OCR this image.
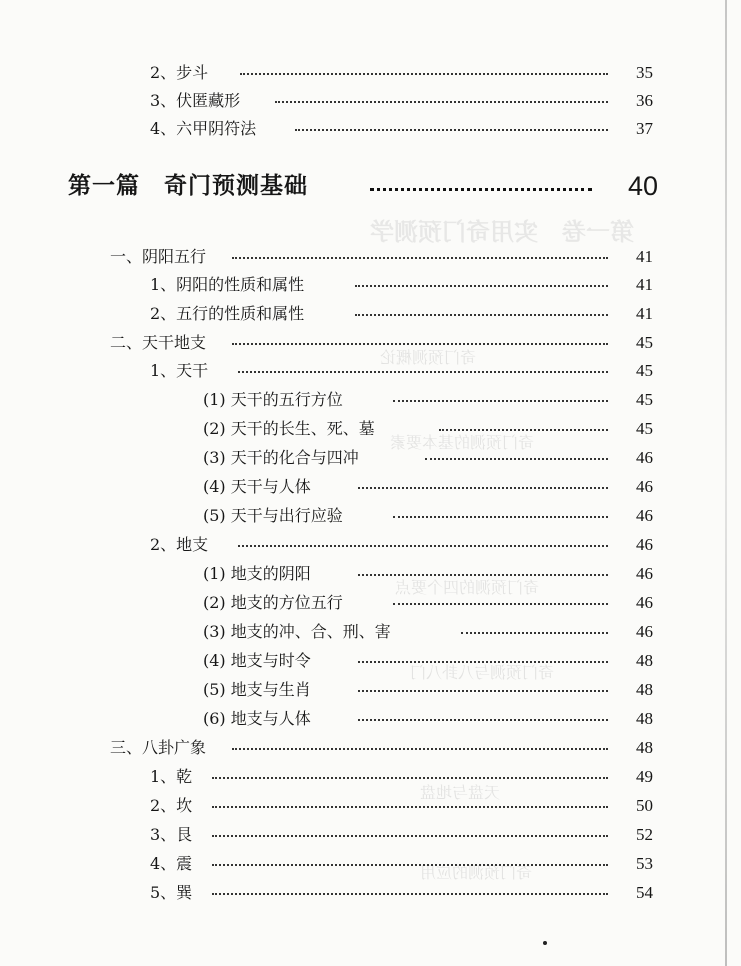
第一卷　实用奇门预测学
奇门预测概论
奇门预测的基本要素
奇门预测的四个要点
奇门预测与八卦八门
天盘与地盘
奇门预测的应用
2、步斗	35
3、伏匿藏形	36
4、六甲阴符法	37
第一篇　奇门预测基础	40
一、阴阳五行	41
1、阴阳的性质和属性	41
2、五行的性质和属性	41
二、天干地支	45
1、天干	45
(1) 天干的五行方位	45
(2) 天干的长生、死、墓	45
(3) 天干的化合与四冲	46
(4) 天干与人体	46
(5) 天干与出行应验	46
2、地支	46
(1) 地支的阴阳	46
(2) 地支的方位五行	46
(3) 地支的冲、合、刑、害	46
(4) 地支与时令	48
(5) 地支与生肖	48
(6) 地支与人体	48
三、八卦广象	48
1、乾	49
2、坎	50
3、艮	52
4、震	53
5、巽	54
